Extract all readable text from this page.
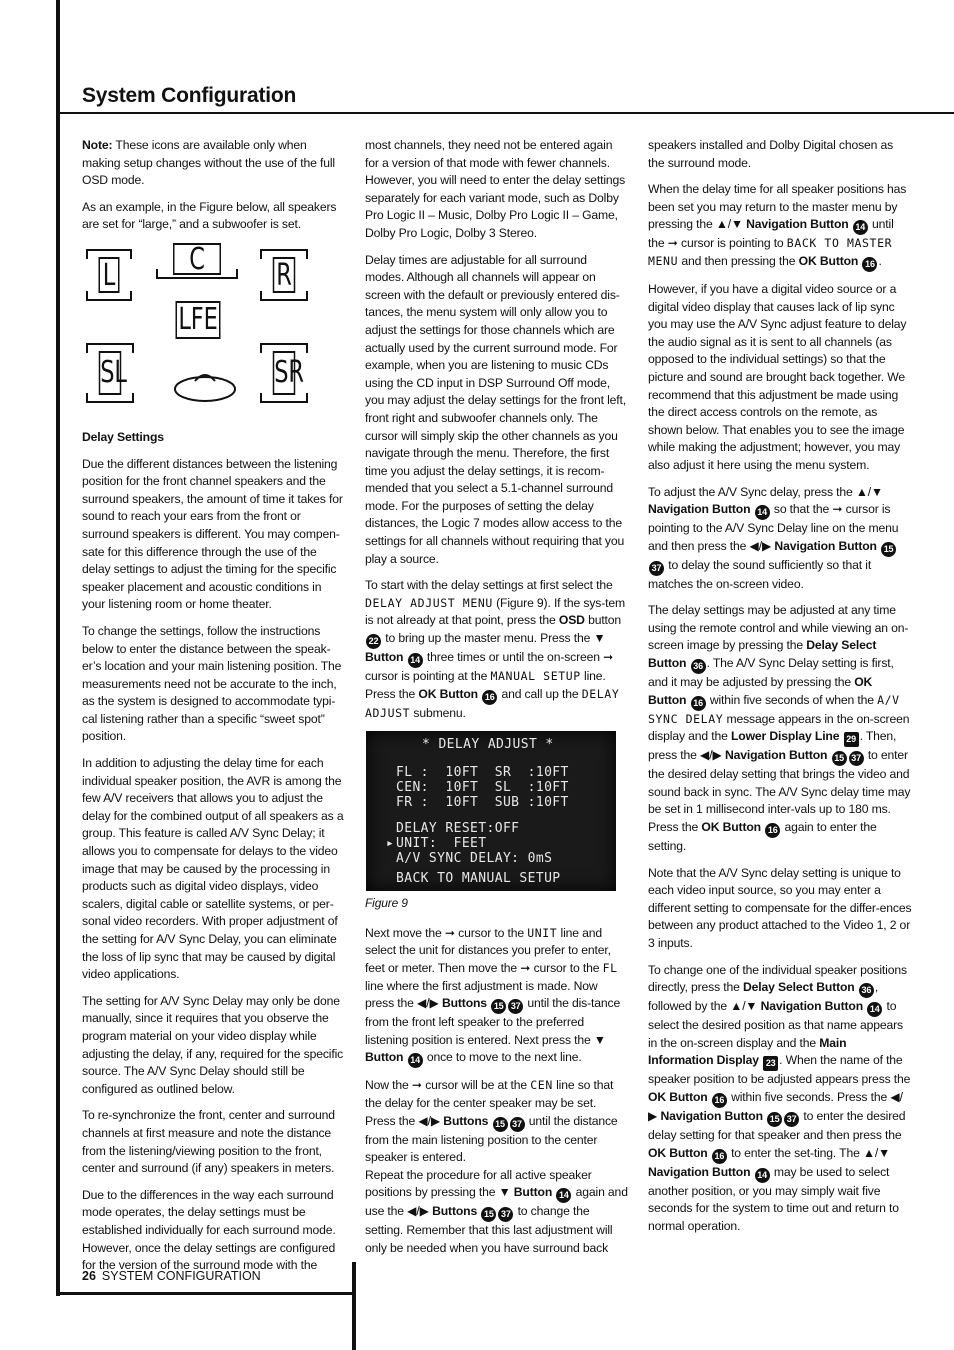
System Configuration

Note: These icons are available only when making setup changes without the use of the full OSD mode.

As an example, in the Figure below, all speakers are set for “large,” and a subwoofer is set.

L	C	R
LFE
SL	SR

Delay Settings

Due the different distances between the listening position for the front channel speakers and the surround speakers, the amount of time it takes for sound to reach your ears from the front or surround speakers is different. You may compen-sate for this difference through the use of the delay settings to adjust the timing for the specific speaker placement and acoustic conditions in your listening room or home theater.

To change the settings, follow the instructions below to enter the distance between the speak-er’s location and your main listening position. The measurements need not be accurate to the inch, as the system is designed to accommodate typi-cal listening rather than a specific “sweet spot” position.

In addition to adjusting the delay time for each individual speaker position, the AVR is among the few A/V receivers that allows you to adjust the delay for the combined output of all speakers as a group. This feature is called A/V Sync Delay; it allows you to compensate for delays to the video image that may be caused by the processing in products such as digital video displays, video scalers, digital cable or satellite systems, or per-sonal video recorders. With proper adjustment of the setting for A/V Sync Delay, you can eliminate the loss of lip sync that may be caused by digital video applications.

The setting for A/V Sync Delay may only be done manually, since it requires that you observe the program material on your video display while adjusting the delay, if any, required for the specific source. The A/V Sync Delay should still be configured as outlined below.

To re-synchronize the front, center and surround channels at first measure and note the distance from the listening/viewing position to the front, center and surround (if any) speakers in meters.

Due to the differences in the way each surround mode operates, the delay settings must be established individually for each surround mode. However, once the delay settings are configured for the version of the surround mode with the

most channels, they need not be entered again for a version of that mode with fewer channels. However, you will need to enter the delay settings separately for each variant mode, such as Dolby Pro Logic II – Music, Dolby Pro Logic II – Game, Dolby Pro Logic, Dolby 3 Stereo.

Delay times are adjustable for all surround modes. Although all channels will appear on screen with the default or previously entered dis-tances, the menu system will only allow you to adjust the settings for those channels which are actually used by the current surround mode. For example, when you are listening to music CDs using the CD input in DSP Surround Off mode, you may adjust the delay settings for the front left, front right and subwoofer channels only. The cursor will simply skip the other channels as you navigate through the menu. Therefore, the first time you adjust the delay settings, it is recom-mended that you select a 5.1-channel surround mode. For the purposes of setting the delay distances, the Logic 7 modes allow access to the settings for all channels without requiring that you play a source.

To start with the delay settings at first select the DELAY ADJUST MENU (Figure 9). If the sys-tem is not already at that point, press the OSD button 22 to bring up the master menu. Press the ▼ Button 14 three times or until the on-screen ➞ cursor is pointing at the MANUAL SETUP line. Press the OK Button 16 and call up the DELAY ADJUST submenu.

* DELAY ADJUST *
FL :  10FT  SR  :10FT
CEN:  10FT  SL  :10FT
FR :  10FT  SUB :10FT
DELAY RESET:OFF
▸ UNIT:  FEET
A/V SYNC DELAY: 0mS
BACK TO MANUAL SETUP
Figure 9

Next move the ➞ cursor to the UNIT line and select the unit for distances you prefer to enter, feet or meter. Then move the ➞ cursor to the FL line where the first adjustment is made. Now press the ◀/▶ Buttons 15 37 until the dis-tance from the front left speaker to the preferred listening position is entered. Next press the ▼ Button 14 once to move to the next line.

Now the ➞ cursor will be at the CEN line so that the delay for the center speaker may be set. Press the ◀/▶ Buttons 15 37 until the distance from the main listening position to the center speaker is entered.
Repeat the procedure for all active speaker positions by pressing the ▼ Button 14 again and use the ◀/▶ Buttons 15 37 to change the setting. Remember that this last adjustment will only be needed when you have surround back

speakers installed and Dolby Digital chosen as the surround mode.

When the delay time for all speaker positions has been set you may return to the master menu by pressing the ▲/▼ Navigation Button 14 until the ➞ cursor is pointing to BACK TO MASTER MENU and then pressing the OK Button 16 .

However, if you have a digital video source or a digital video display that causes lack of lip sync you may use the A/V Sync adjust feature to delay the audio signal as it is sent to all channels (as opposed to the individual settings) so that the picture and sound are brought back together. We recommend that this adjustment be made using the direct access controls on the remote, as shown below. That enables you to see the image while making the adjustment; however, you may also adjust it here using the menu system.

To adjust the A/V Sync delay, press the ▲/▼ Navigation Button 14 so that the ➞ cursor is pointing to the A/V Sync Delay line on the menu and then press the ◀/▶ Navigation Button 1537 to delay the sound sufficiently so that it matches the on-screen video.

The delay settings may be adjusted at any time using the remote control and while viewing an on-screen image by pressing the Delay Select Button 36 . The A/V Sync Delay setting is first, and it may be adjusted by pressing the OK Button 16 within five seconds of when the A/V SYNC DELAY message appears in the on-screen display and the Lower Display Line 29 . Then, press the ◀/▶ Navigation Button 15 37 to enter the desired delay setting that brings the video and sound back in sync. The A/V Sync delay time may be set in 1 millisecond inter-vals up to 180 ms. Press the OK Button 16 again to enter the setting.

Note that the A/V Sync delay setting is unique to each video input source, so you may enter a different setting to compensate for the differ-ences between any product attached to the Video 1, 2 or 3 inputs.

To change one of the individual speaker positions directly, press the Delay Select Button 36 , followed by the ▲/▼ Navigation Button 14 to select the desired position as that name appears in the on-screen display and the Main Information Display 23 . When the name of the speaker position to be adjusted appears press the OK Button 16 within five seconds. Press the ◀/▶ Navigation Button 15 37 to enter the desired delay setting for that speaker and then press the OK Button 16 to enter the set-ting. The ▲/▼ Navigation Button 14 may be used to select another position, or you may simply wait five seconds for the system to time out and return to normal operation.

26 SYSTEM CONFIGURATION
